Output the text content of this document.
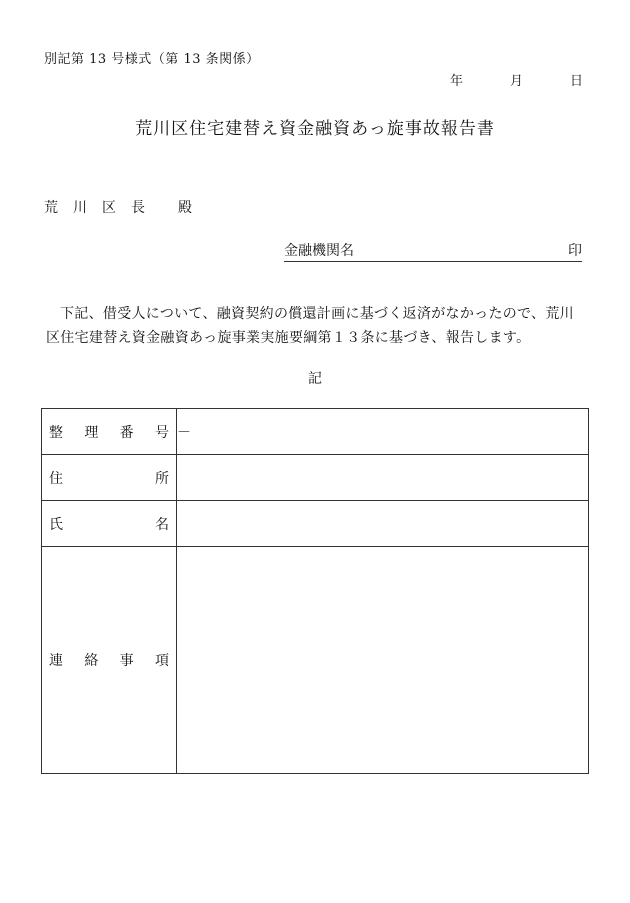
別記第 13 号様式（第 13 条関係）
年	月	日
荒川区住宅建替え資金融資あっ旋事故報告書
荒	川	区	長	殿
金融機関名	印
下記、借受人について、融資契約の償還計画に基づく返済がなかったので、荒川区住宅建替え資金融資あっ旋事業実施要綱第１３条に基づき、報告します。
記
整 理 番 号	－

住 所	

氏 名	

連 絡 事 項	
